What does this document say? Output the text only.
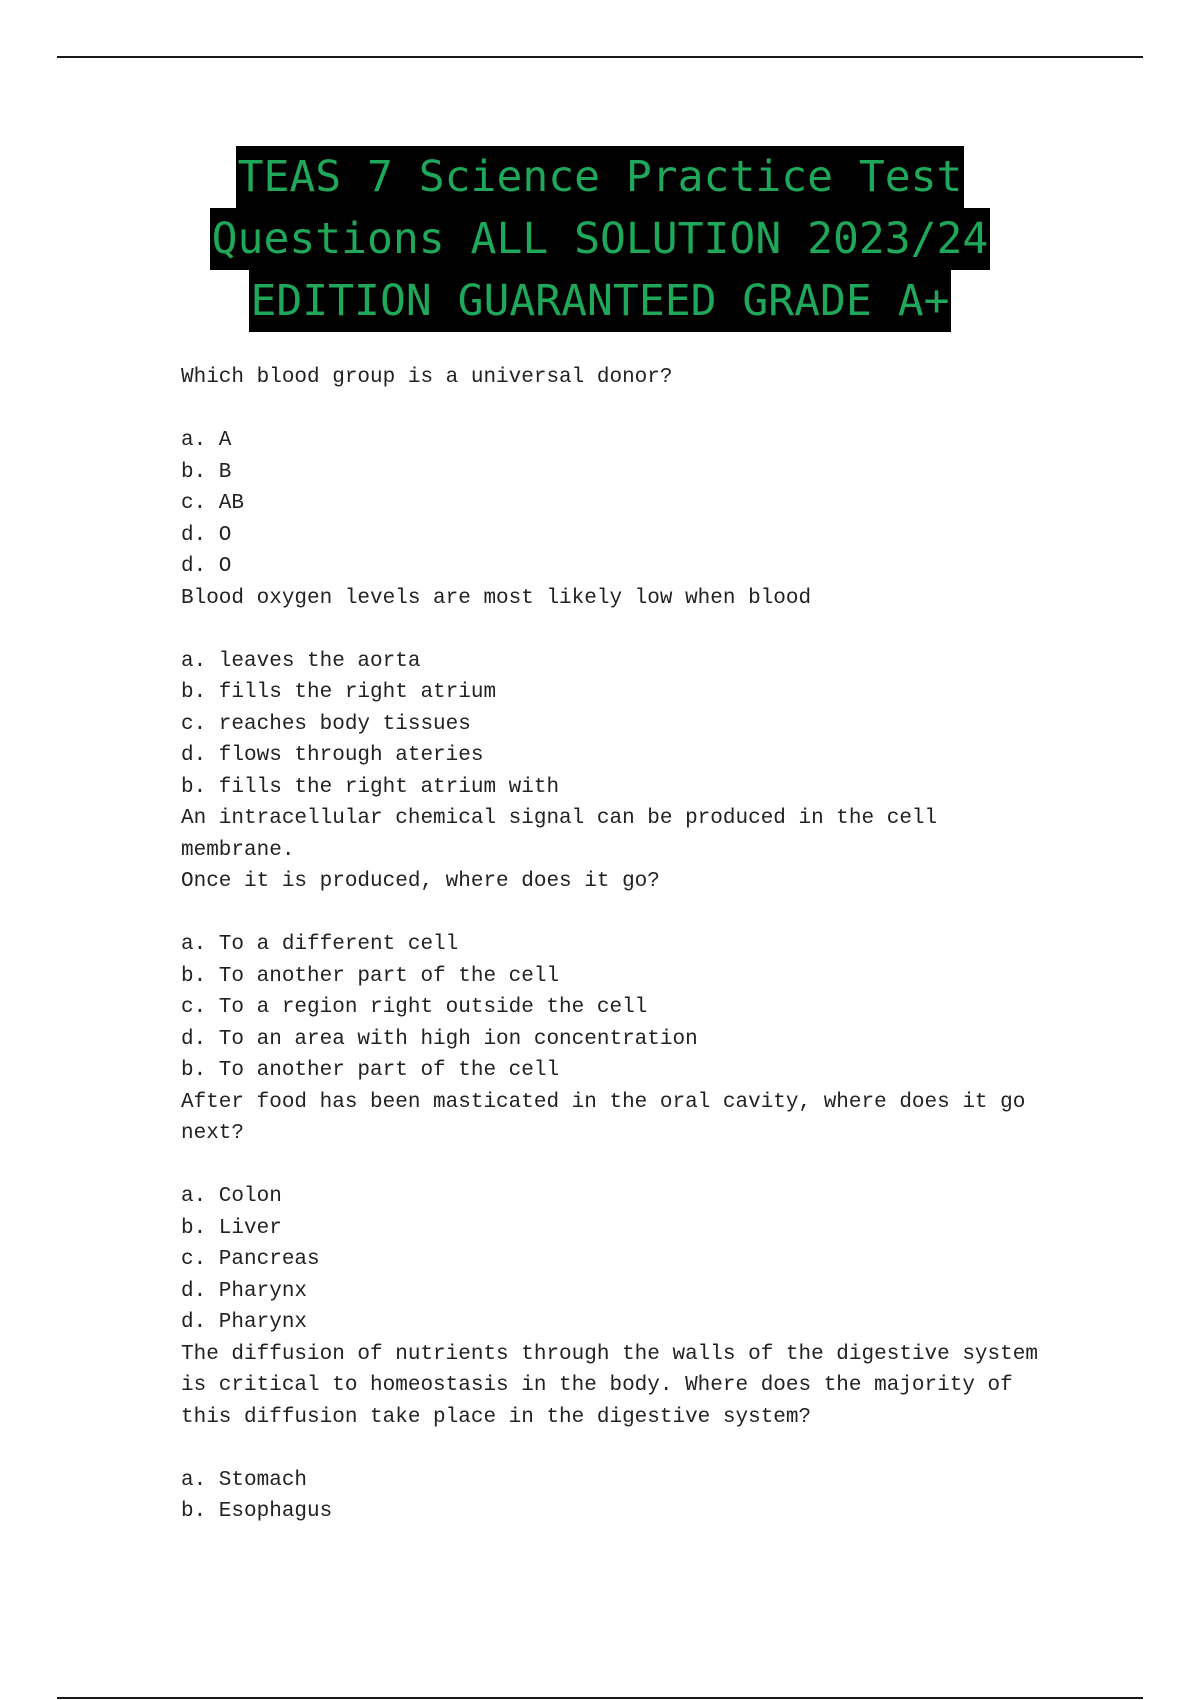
TEAS 7 Science Practice Test
Questions ALL SOLUTION 2023/24
EDITION GUARANTEED GRADE A+
Which blood group is a universal donor?
a. A
b. B
c. AB
d. O
d. O
Blood oxygen levels are most likely low when blood
a. leaves the aorta
b. fills the right atrium
c. reaches body tissues
d. flows through ateries
b. fills the right atrium with
An intracellular chemical signal can be produced in the cell membrane.
Once it is produced, where does it go?
a. To a different cell
b. To another part of the cell
c. To a region right outside the cell
d. To an area with high ion concentration
b. To another part of the cell
After food has been masticated in the oral cavity, where does it go
next?
a. Colon
b. Liver
c. Pancreas
d. Pharynx
d. Pharynx
The diffusion of nutrients through the walls of the digestive system
is critical to homeostasis in the body. Where does the majority of
this diffusion take place in the digestive system?
a. Stomach
b. Esophagus
